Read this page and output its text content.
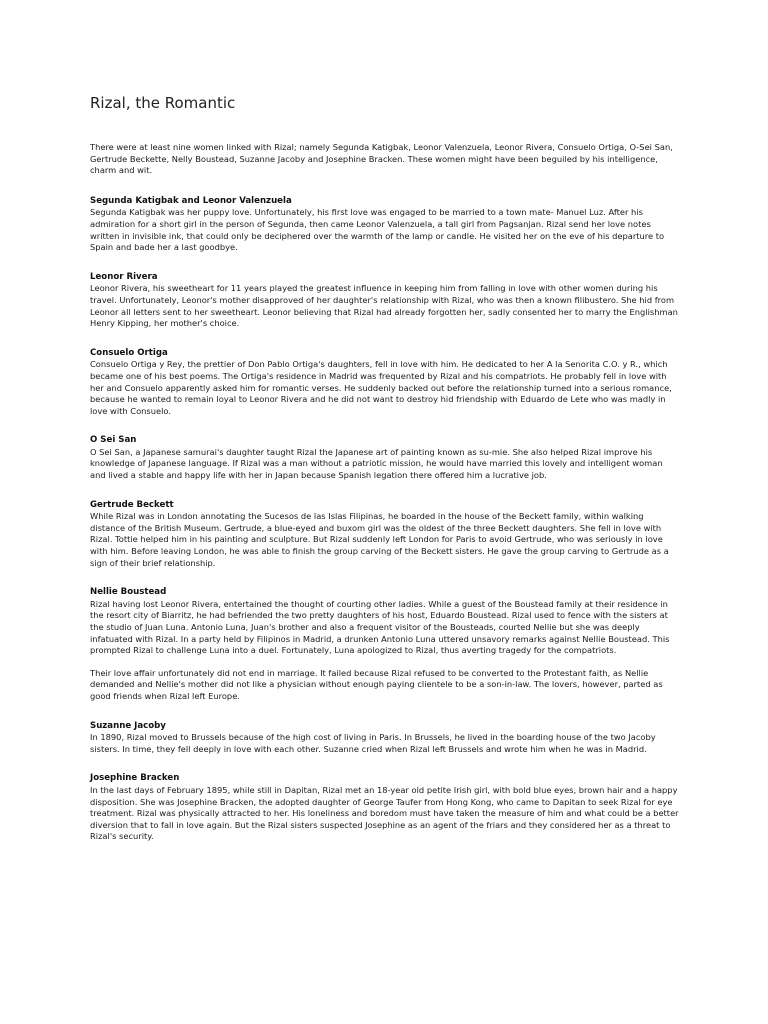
Rizal, the Romantic

There were at least nine women linked with Rizal; namely Segunda Katigbak, Leonor Valenzuela, Leonor Rivera, Consuelo Ortiga, O-Sei San, Gertrude Beckette, Nelly Boustead, Suzanne Jacoby and Josephine Bracken. These women might have been beguiled by his intelligence, charm and wit.

Segunda Katigbak and Leonor Valenzuela

Segunda Katigbak was her puppy love. Unfortunately, his first love was engaged to be married to a town mate- Manuel Luz. After his admiration for a short girl in the person of Segunda, then came Leonor Valenzuela, a tall girl from Pagsanjan. Rizal send her love notes written in invisible ink, that could only be deciphered over the warmth of the lamp or candle. He visited her on the eve of his departure to Spain and bade her a last goodbye.

Leonor Rivera

Leonor Rivera, his sweetheart for 11 years played the greatest influence in keeping him from falling in love with other women during his travel. Unfortunately, Leonor's mother disapproved of her daughter's relationship with Rizal, who was then a known filibustero. She hid from Leonor all letters sent to her sweetheart. Leonor believing that Rizal had already forgotten her, sadly consented her to marry the Englishman Henry Kipping, her mother's choice.

Consuelo Ortiga

Consuelo Ortiga y Rey, the prettier of Don Pablo Ortiga's daughters, fell in love with him. He dedicated to her A la Senorita C.O. y R., which became one of his best poems. The Ortiga's residence in Madrid was frequented by Rizal and his compatriots. He probably fell in love with her and Consuelo apparently asked him for romantic verses. He suddenly backed out before the relationship turned into a serious romance, because he wanted to remain loyal to Leonor Rivera and he did not want to destroy hid friendship with Eduardo de Lete who was madly in love with Consuelo.

O Sei San

O Sei San, a Japanese samurai's daughter taught Rizal the Japanese art of painting known as su-mie. She also helped Rizal improve his knowledge of Japanese language. If Rizal was a man without a patriotic mission, he would have married this lovely and intelligent woman and lived a stable and happy life with her in Japan because Spanish legation there offered him a lucrative job.

Gertrude Beckett

While Rizal was in London annotating the Sucesos de las Islas Filipinas, he boarded in the house of the Beckett family, within walking distance of the British Museum. Gertrude, a blue-eyed and buxom girl was the oldest of the three Beckett daughters. She fell in love with Rizal. Tottie helped him in his painting and sculpture. But Rizal suddenly left London for Paris to avoid Gertrude, who was seriously in love with him. Before leaving London, he was able to finish the group carving of the Beckett sisters. He gave the group carving to Gertrude as a sign of their brief relationship.

Nellie Boustead

Rizal having lost Leonor Rivera, entertained the thought of courting other ladies. While a guest of the Boustead family at their residence in the resort city of Biarritz, he had befriended the two pretty daughters of his host, Eduardo Boustead. Rizal used to fence with the sisters at the studio of Juan Luna. Antonio Luna, Juan's brother and also a frequent visitor of the Bousteads, courted Nellie but she was deeply infatuated with Rizal. In a party held by Filipinos in Madrid, a drunken Antonio Luna uttered unsavory remarks against Nellie Boustead. This prompted Rizal to challenge Luna into a duel. Fortunately, Luna apologized to Rizal, thus averting tragedy for the compatriots.

Their love affair unfortunately did not end in marriage. It failed because Rizal refused to be converted to the Protestant faith, as Nellie demanded and Nellie's mother did not like a physician without enough paying clientele to be a son-in-law. The lovers, however, parted as good friends when Rizal left Europe.

Suzanne Jacoby

In 1890, Rizal moved to Brussels because of the high cost of living in Paris. In Brussels, he lived in the boarding house of the two Jacoby sisters. In time, they fell deeply in love with each other. Suzanne cried when Rizal left Brussels and wrote him when he was in Madrid.

Josephine Bracken

In the last days of February 1895, while still in Dapitan, Rizal met an 18-year old petite Irish girl, with bold blue eyes, brown hair and a happy disposition. She was Josephine Bracken, the adopted daughter of George Taufer from Hong Kong, who came to Dapitan to seek Rizal for eye treatment. Rizal was physically attracted to her. His loneliness and boredom must have taken the measure of him and what could be a better diversion that to fall in love again. But the Rizal sisters suspected Josephine as an agent of the friars and they considered her as a threat to Rizal's security.
